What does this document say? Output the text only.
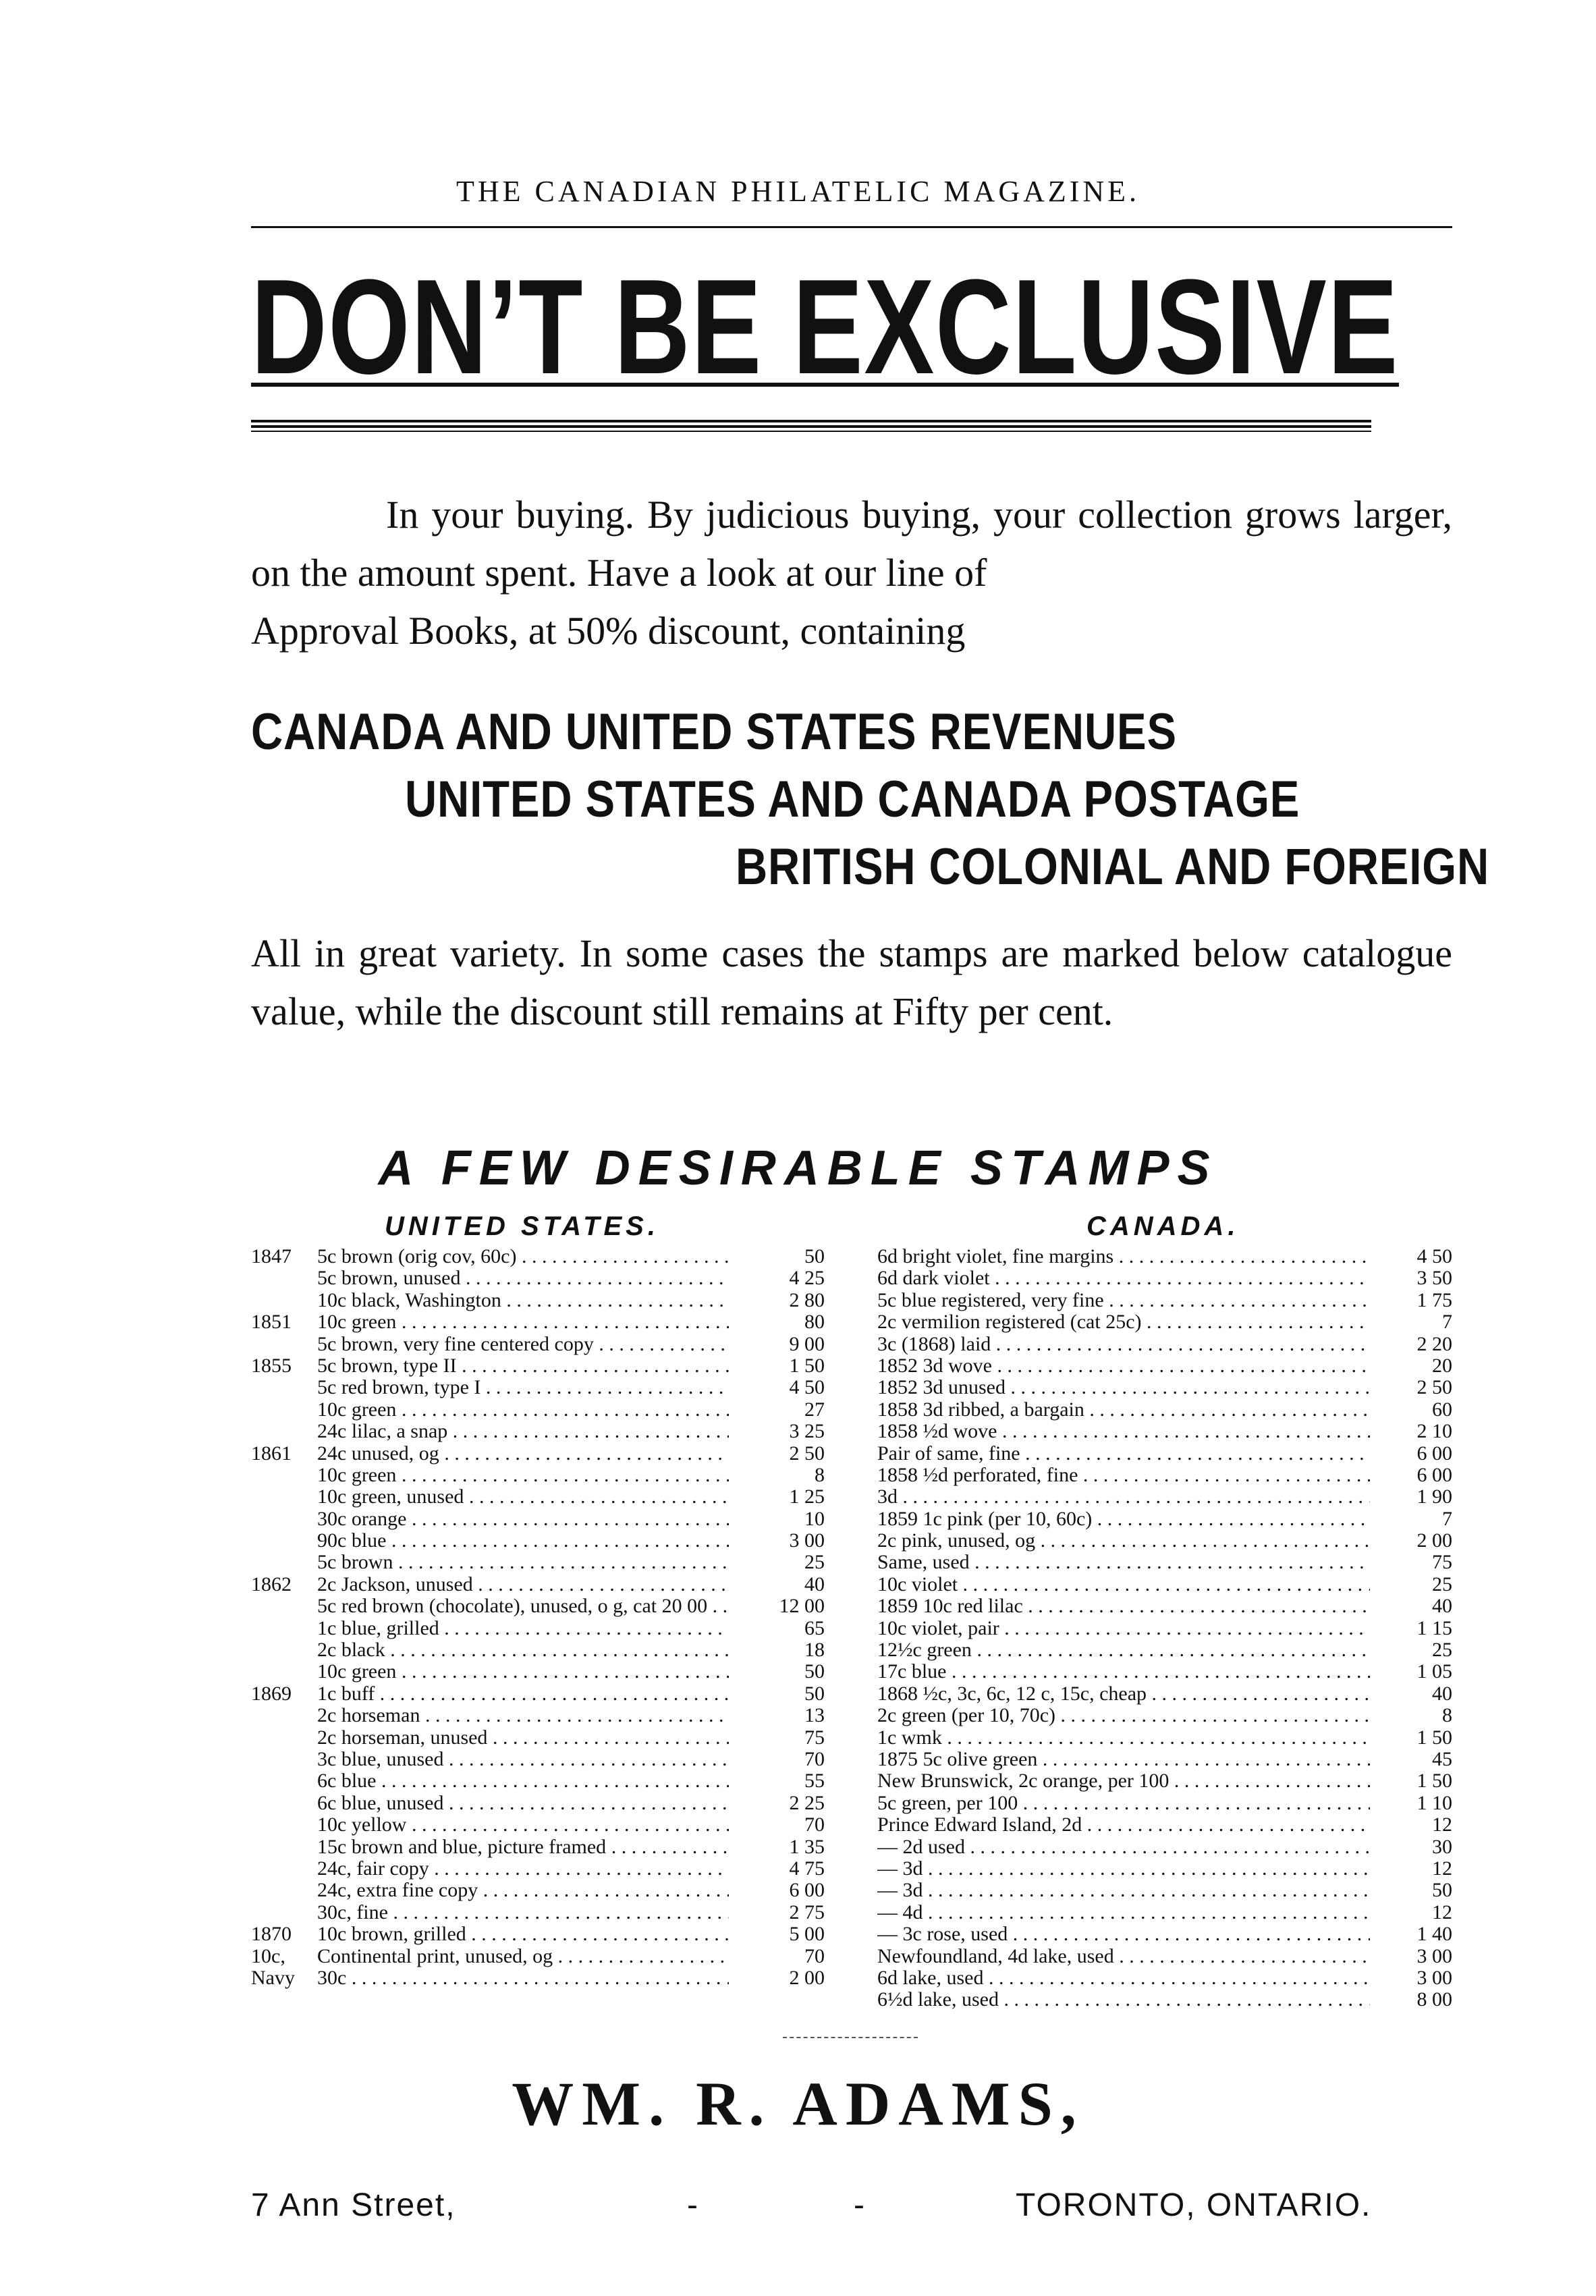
THE CANADIAN PHILATELIC MAGAZINE.
DON’T BE EXCLUSIVE
In your buying. By judicious buying, your collection grows larger, on the amount spent. Have a look at our line of
Approval Books, at 50% discount, containing
CANADA AND UNITED STATES REVENUES
UNITED STATES AND CANADA POSTAGE
BRITISH COLONIAL AND FOREIGN
All in great variety. In some cases the stamps are marked below catalogue value, while the discount still remains at Fifty per cent.
A FEW DESIRABLE STAMPS
UNITED STATES.	CANADA.
1847 5c brown (orig cov, 60c) . . .	50
5c brown, unused . . .	4 25
10c black, Washington . . .	2 80
1851 10c green . . .	80
5c brown, very fine centered copy . . .	9 00
1855 5c brown, type II . . .	1 50
5c red brown, type I . . .	4 50
10c green . . .	27
24c lilac, a snap . . .	3 25
1861 24c unused, og . . .	2 50
10c green . . .	8
10c green, unused . . .	1 25
30c orange . . .	10
90c blue . . .	3 00
5c brown . . .	25
1862 2c Jackson, unused . . .	40
5c red brown (chocolate), unused, o g, cat 20 00 . . .	12 00
1c blue, grilled . . .	65
2c black . . .	18
10c green . . .	50
1869 1c buff . . .	50
2c horseman . . .	13
2c horseman, unused . . .	75
3c blue, unused . . .	70
6c blue . . .	55
6c blue, unused . . .	2 25
10c yellow . . .	70
15c brown and blue, picture framed . . .	1 35
24c, fair copy . . .	4 75
24c, extra fine copy . . .	6 00
30c, fine . . .	2 75
1870 10c brown, grilled . . .	5 00
10c, Continental print, unused, og . . .	70
Navy 30c . . .	2 00
6d bright violet, fine margins . . .	4 50
6d dark violet . . .	3 50
5c blue registered, very fine . . .	1 75
2c vermilion registered (cat 25c) . . .	7
3c (1868) laid . . .	2 20
1852 3d wove . . .	20
1852 3d unused . . .	2 50
1858 3d ribbed, a bargain . . .	60
1858 ½d wove . . .	2 10
Pair of same, fine . . .	6 00
1858 ½d perforated, fine . . .	6 00
3d . . .	1 90
1859 1c pink (per 10, 60c) . . .	7
2c pink, unused, og . . .	2 00
Same, used . . .	75
10c violet . . .	25
1859 10c red lilac . . .	40
10c violet, pair . . .	1 15
12½c green . . .	25
17c blue . . .	1 05
1868 ½c, 3c, 6c, 12 c, 15c, cheap . . .	40
2c green (per 10, 70c) . . .	8
1c wmk . . .	1 50
1875 5c olive green . . .	45
New Brunswick, 2c orange, per 100 . . .	1 50
5c green, per 100 . . .	1 10
Prince Edward Island, 2d . . .	12
— 2d used . . .	30
— 3d . . .	12
— 3d . . .	50
— 4d . . .	12
— 3c rose, used . . .	1 40
Newfoundland, 4d lake, used . . .	3 00
6d lake, used . . .	3 00
6½d lake, used . . .	8 00
WM. R. ADAMS,
7 Ann Street,	-	-	TORONTO, ONTARIO.
